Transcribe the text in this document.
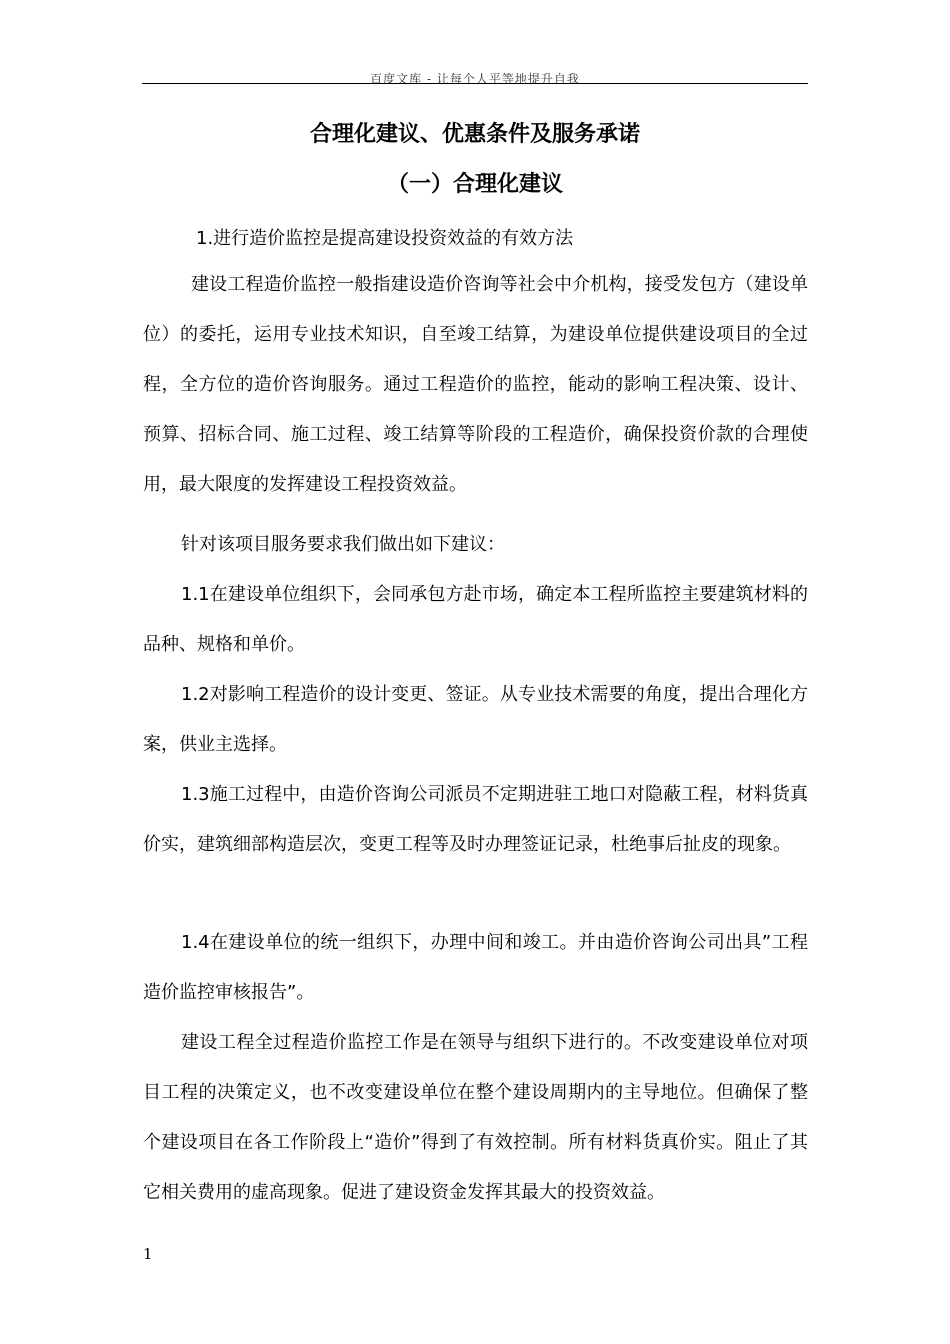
百度文库 - 让每个人平等地提升自我
合理化建议、优惠条件及服务承诺
（一）合理化建议
1.进行造价监控是提高建设投资效益的有效方法

建设工程造价监控一般指建设造价咨询等社会中介机构，接受发包方（建设单位）的委托，运用专业技术知识，自至竣工结算，为建设单位提供建设项目的全过程，全方位的造价咨询服务。通过工程造价的监控，能动的影响工程决策、设计、预算、招标合同、施工过程、竣工结算等阶段的工程造价，确保投资价款的合理使用，最大限度的发挥建设工程投资效益。

针对该项目服务要求我们做出如下建议：

1.1在建设单位组织下，会同承包方赴市场，确定本工程所监控主要建筑材料的品种、规格和单价。

1.2对影响工程造价的设计变更、签证。从专业技术需要的角度，提出合理化方案，供业主选择。

1.3施工过程中，由造价咨询公司派员不定期进驻工地口对隐蔽工程，材料货真价实，建筑细部构造层次，变更工程等及时办理签证记录，杜绝事后扯皮的现象。

1.4在建设单位的统一组织下，办理中间和竣工。并由造价咨询公司出具”工程造价监控审核报告”。

建设工程全过程造价监控工作是在领导与组织下进行的。不改变建设单位对项目工程的决策定义，也不改变建设单位在整个建设周期内的主导地位。但确保了整个建设项目在各工作阶段上“造价”得到了有效控制。所有材料货真价实。阻止了其它相关费用的虚高现象。促进了建设资金发挥其最大的投资效益。

1
